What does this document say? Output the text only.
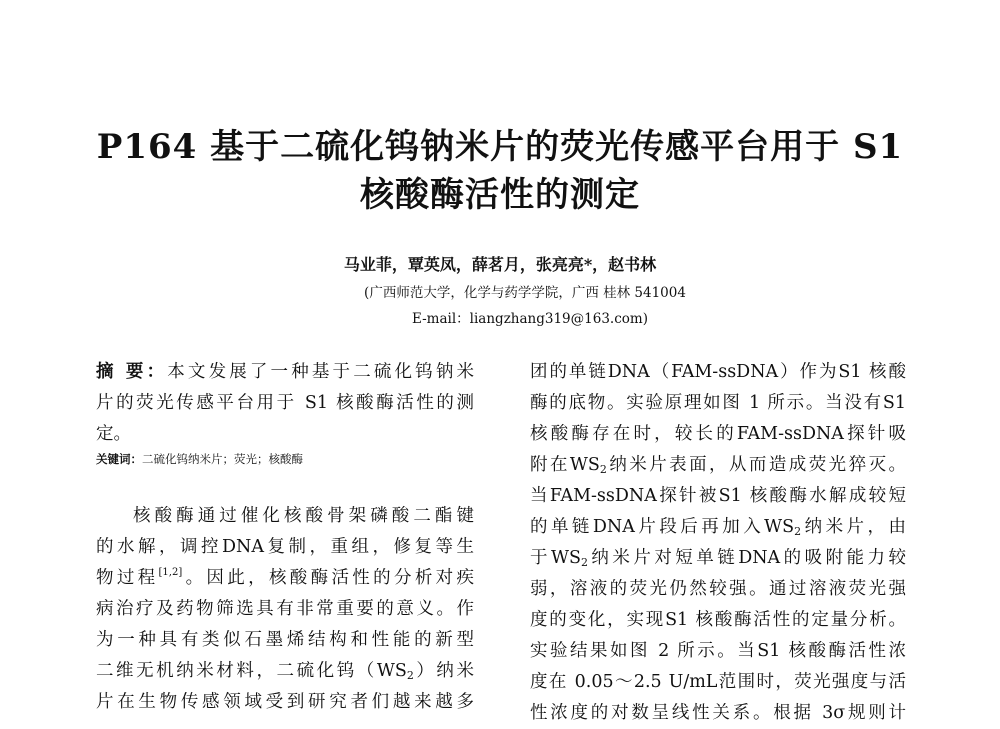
P164 基于二硫化钨钠米片的荧光传感平台用于 S1
核酸酶活性的测定
马业菲，覃英凤，薛茗月，张亮亮*，赵书林
(广西师范大学，化学与药学学院，广西 桂林 541004
E-mail：liangzhang319@163.com)
摘 要：本文发展了一种基于二硫化钨钠米
片的荧光传感平台用于 S1 核酸酶活性的测
定。
关键词：二硫化钨纳米片；荧光；核酸酶
核酸酶通过催化核酸骨架磷酸二酯键
的水解，调控DNA复制，重组，修复等生
物过程[1,2]。因此，核酸酶活性的分析对疾
病治疗及药物筛选具有非常重要的意义。作
为一种具有类似石墨烯结构和性能的新型
二维无机纳米材料，二硫化钨$(WS_2)$纳米
片在生物传感领域受到研究者们越来越多
团的单链DNA（FAM-ssDNA）作为S1 核酸
酶的底物。实验原理如图 1 所示。当没有S1
核酸酶存在时，较长的FAM-ssDNA探针吸
附在$WS_2$纳米片表面，从而造成荧光猝灭。
当FAM-ssDNA探针被S1 核酸酶水解成较短
的单链DNA片段后再加入$WS_2$纳米片，由
于$WS_2$纳米片对短单链DNA的吸附能力较
弱，溶液的荧光仍然较强。通过溶液荧光强
度的变化，实现S1 核酸酶活性的定量分析。
实验结果如图 2 所示。当S1 核酸酶活性浓
度在 0.05～2.5 U/mL范围时，荧光强度与活
性浓度的对数呈线性关系。根据 3σ规则计
